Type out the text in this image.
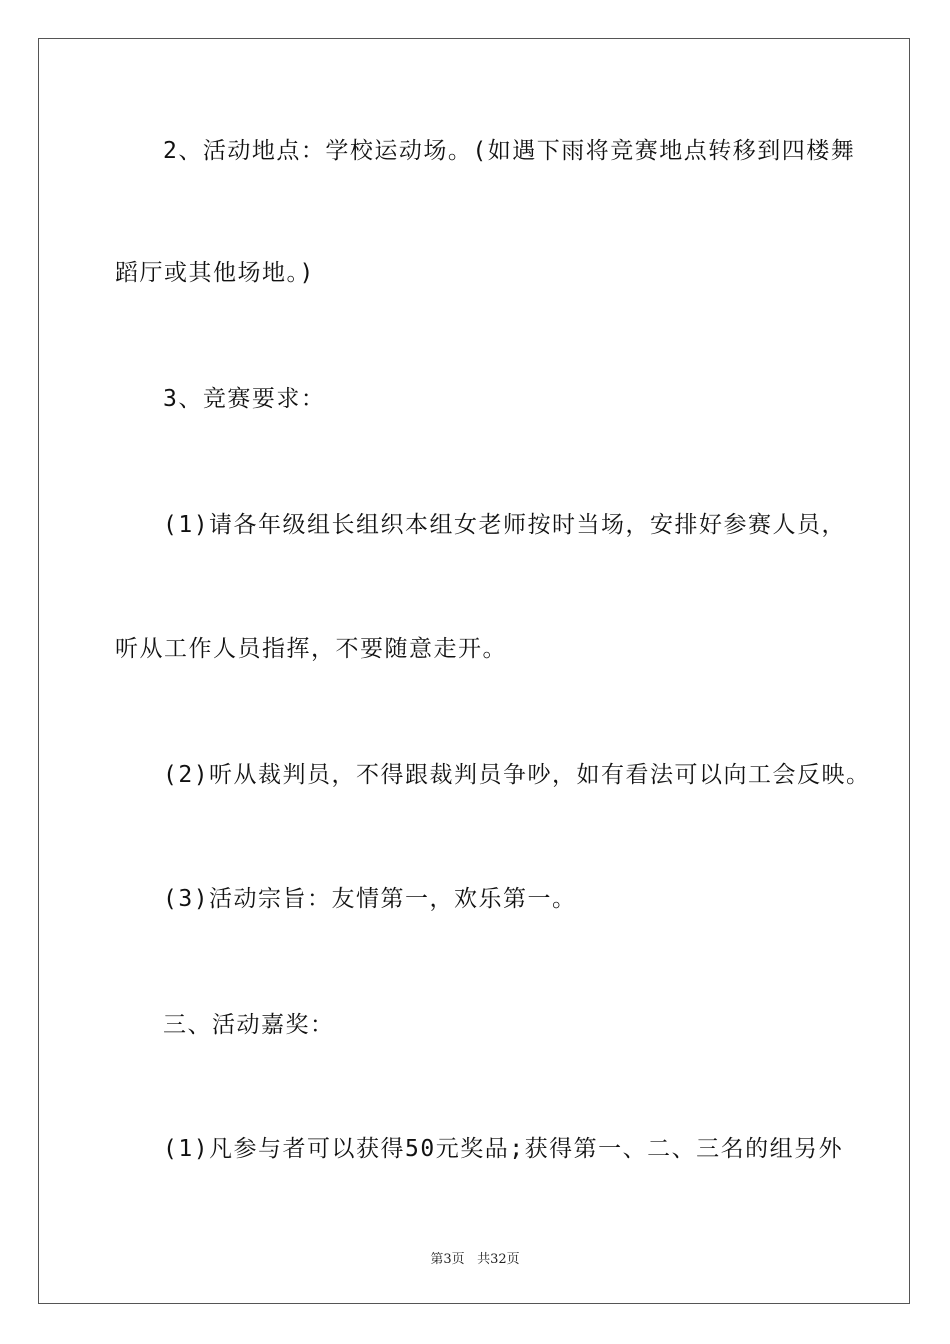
2、活动地点：学校运动场。(如遇下雨将竞赛地点转移到四楼舞
蹈厅或其他场地。)
3、竞赛要求：
(1)请各年级组长组织本组女老师按时当场，安排好参赛人员，
听从工作人员指挥，不要随意走开。
(2)听从裁判员，不得跟裁判员争吵，如有看法可以向工会反映。
(3)活动宗旨：友情第一，欢乐第一。
三、活动嘉奖：
(1)凡参与者可以获得50元奖品;获得第一、二、三名的组另外
第3页 共32页
